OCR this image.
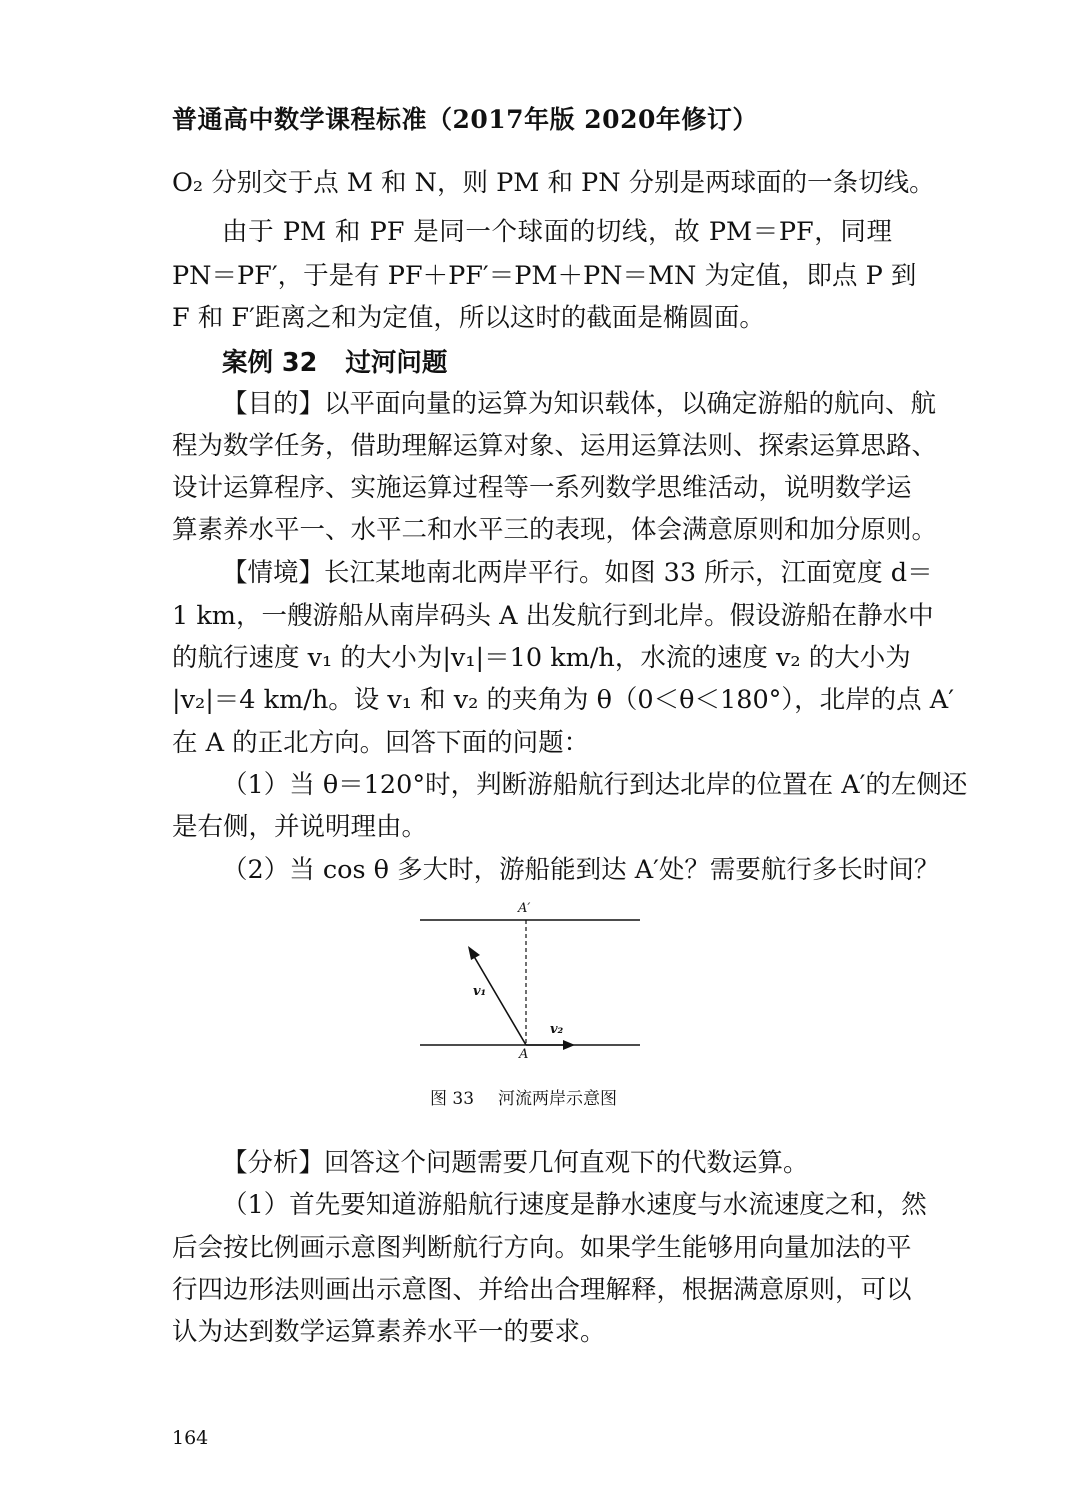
普通高中数学课程标准（2017年版 2020年修订）
O₂ 分别交于点 M 和 N，则 PM 和 PN 分别是两球面的一条切线。
由于 PM 和 PF 是同一个球面的切线，故 PM＝PF，同理
PN＝PF′，于是有 PF＋PF′＝PM＋PN＝MN 为定值，即点 P 到
F 和 F′距离之和为定值，所以这时的截面是椭圆面。
案例 32 过河问题
【目的】以平面向量的运算为知识载体，以确定游船的航向、航
程为数学任务，借助理解运算对象、运用运算法则、探索运算思路、
设计运算程序、实施运算过程等一系列数学思维活动，说明数学运
算素养水平一、水平二和水平三的表现，体会满意原则和加分原则。
【情境】长江某地南北两岸平行。如图 33 所示，江面宽度 d＝
1 km，一艘游船从南岸码头 A 出发航行到北岸。假设游船在静水中
的航行速度 v₁ 的大小为|v₁|＝10 km/h，水流的速度 v₂ 的大小为
|v₂|＝4 km/h。设 v₁ 和 v₂ 的夹角为 θ（0＜θ＜180°），北岸的点 A′
在 A 的正北方向。回答下面的问题：
（1）当 θ＝120°时，判断游船航行到达北岸的位置在 A′的左侧还
是右侧，并说明理由。
（2）当 cos θ 多大时，游船能到达 A′处？需要航行多长时间？
A′
A
v₁
v₂
图 33 河流两岸示意图
【分析】回答这个问题需要几何直观下的代数运算。
（1）首先要知道游船航行速度是静水速度与水流速度之和，然
后会按比例画示意图判断航行方向。如果学生能够用向量加法的平
行四边形法则画出示意图、并给出合理解释，根据满意原则，可以
认为达到数学运算素养水平一的要求。
164
